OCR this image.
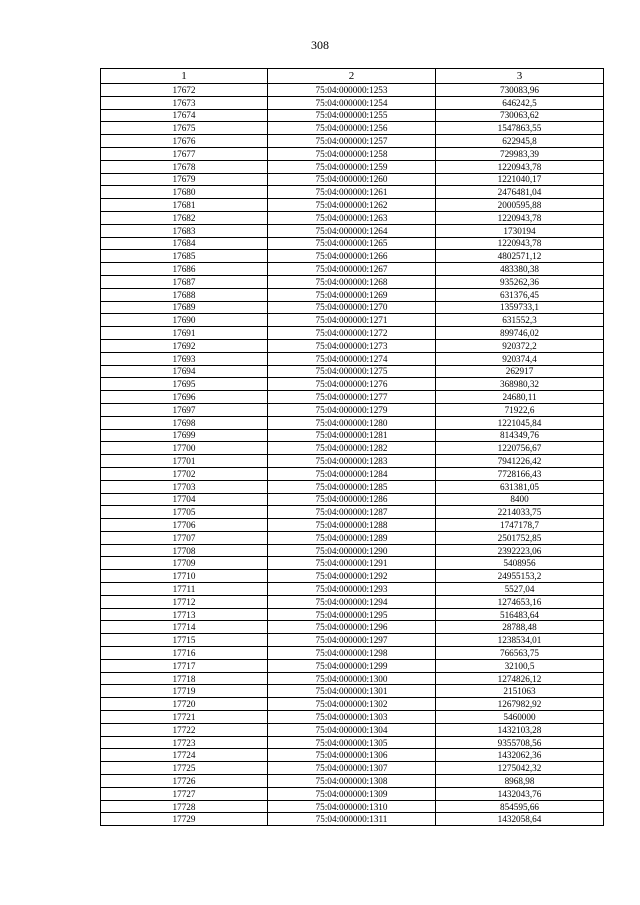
308
1	2	3
17672	75:04:000000:1253	730083,96
17673	75:04:000000:1254	646242,5
17674	75:04:000000:1255	730063,62
17675	75:04:000000:1256	1547863,55
17676	75:04:000000:1257	622945,8
17677	75:04:000000:1258	729983,39
17678	75:04:000000:1259	1220943,78
17679	75:04:000000:1260	1221040,17
17680	75:04:000000:1261	2476481,04
17681	75:04:000000:1262	2000595,88
17682	75:04:000000:1263	1220943,78
17683	75:04:000000:1264	1730194
17684	75:04:000000:1265	1220943,78
17685	75:04:000000:1266	4802571,12
17686	75:04:000000:1267	483380,38
17687	75:04:000000:1268	935262,36
17688	75:04:000000:1269	631376,45
17689	75:04:000000:1270	1359733,1
17690	75:04:000000:1271	631552,3
17691	75:04:000000:1272	899746,02
17692	75:04:000000:1273	920372,2
17693	75:04:000000:1274	920374,4
17694	75:04:000000:1275	262917
17695	75:04:000000:1276	368980,32
17696	75:04:000000:1277	24680,11
17697	75:04:000000:1279	71922,6
17698	75:04:000000:1280	1221045,84
17699	75:04:000000:1281	814349,76
17700	75:04:000000:1282	1220756,67
17701	75:04:000000:1283	7941226,42
17702	75:04:000000:1284	7728166,43
17703	75:04:000000:1285	631381,05
17704	75:04:000000:1286	8400
17705	75:04:000000:1287	2214033,75
17706	75:04:000000:1288	1747178,7
17707	75:04:000000:1289	2501752,85
17708	75:04:000000:1290	2392223,06
17709	75:04:000000:1291	5408956
17710	75:04:000000:1292	24955153,2
17711	75:04:000000:1293	5527,04
17712	75:04:000000:1294	1274653,16
17713	75:04:000000:1295	516483,64
17714	75:04:000000:1296	28788,48
17715	75:04:000000:1297	1238534,01
17716	75:04:000000:1298	766563,75
17717	75:04:000000:1299	32100,5
17718	75:04:000000:1300	1274826,12
17719	75:04:000000:1301	2151063
17720	75:04:000000:1302	1267982,92
17721	75:04:000000:1303	5460000
17722	75:04:000000:1304	1432103,28
17723	75:04:000000:1305	9355708,56
17724	75:04:000000:1306	1432062,36
17725	75:04:000000:1307	1275042,32
17726	75:04:000000:1308	8968,98
17727	75:04:000000:1309	1432043,76
17728	75:04:000000:1310	854595,66
17729	75:04:000000:1311	1432058,64
